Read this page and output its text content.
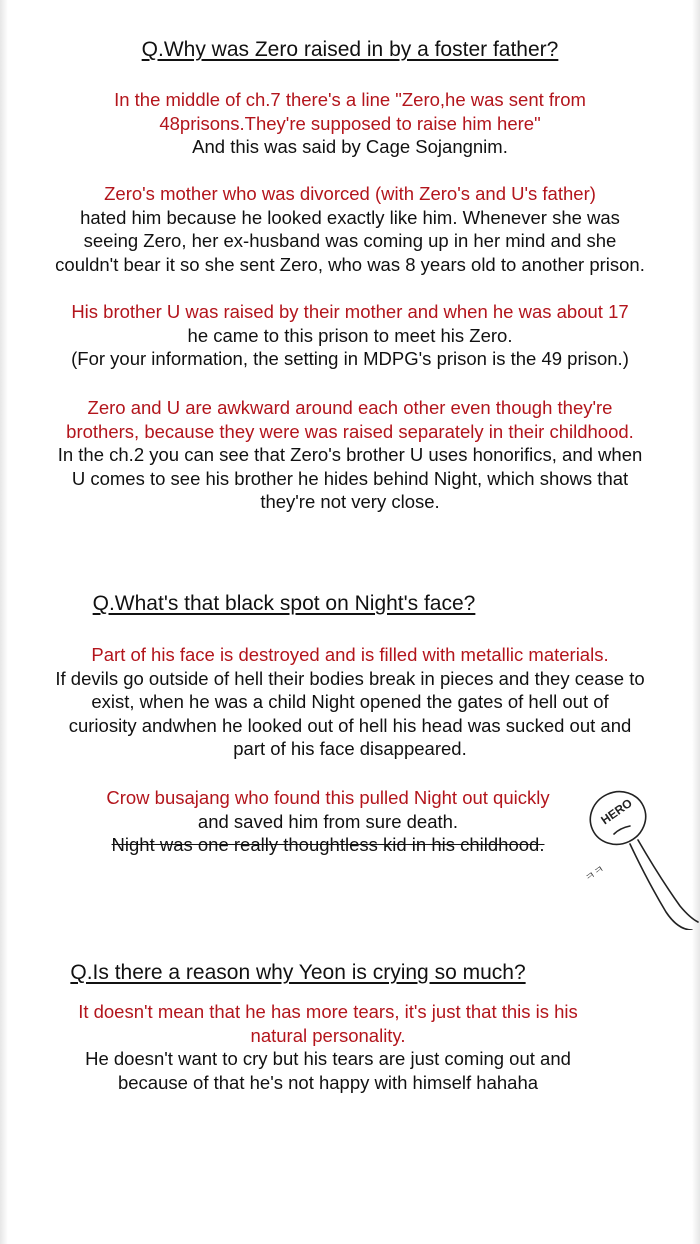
Q.Why was Zero raised in by a foster father?
In the middle of ch.7 there's a line "Zero,he was sent from
48prisons.They're supposed to raise him here"
And this was said by Cage Sojangnim.
Zero's mother who was divorced (with Zero's and U's father)
hated him because he looked exactly like him. Whenever she was
seeing Zero, her ex-husband was coming up in her mind and she
couldn't bear it so she sent Zero, who was 8 years old to another prison.
His brother U was raised by their mother and when he was about 17
he came to this prison to meet his Zero.
(For your information, the setting in MDPG's prison is the 49 prison.)
Zero and U are awkward around each other even though they're
brothers, because they were was raised separately in their childhood.
In the ch.2 you can see that Zero's brother U uses honorifics, and when
U comes to see his brother he hides behind Night, which shows that
they're not very close.
Q.What's that black spot on Night's face?
Part of his face is destroyed and is filled with metallic materials.
If devils go outside of hell their bodies break in pieces and they cease to
exist, when he was a child Night opened the gates of hell out of
curiosity andwhen he looked out of hell his head was sucked out and
part of his face disappeared.
Crow busajang who found this pulled Night out quickly
and saved him from sure death.
Night was one really thoughtless kid in his childhood.
HERO
ㅋㅋ
Q.Is there a reason why Yeon is crying so much?
It doesn't mean that he has more tears, it's just that this is his
natural personality.
He doesn't want to cry but his tears are just coming out and
because of that he's not happy with himself hahaha
